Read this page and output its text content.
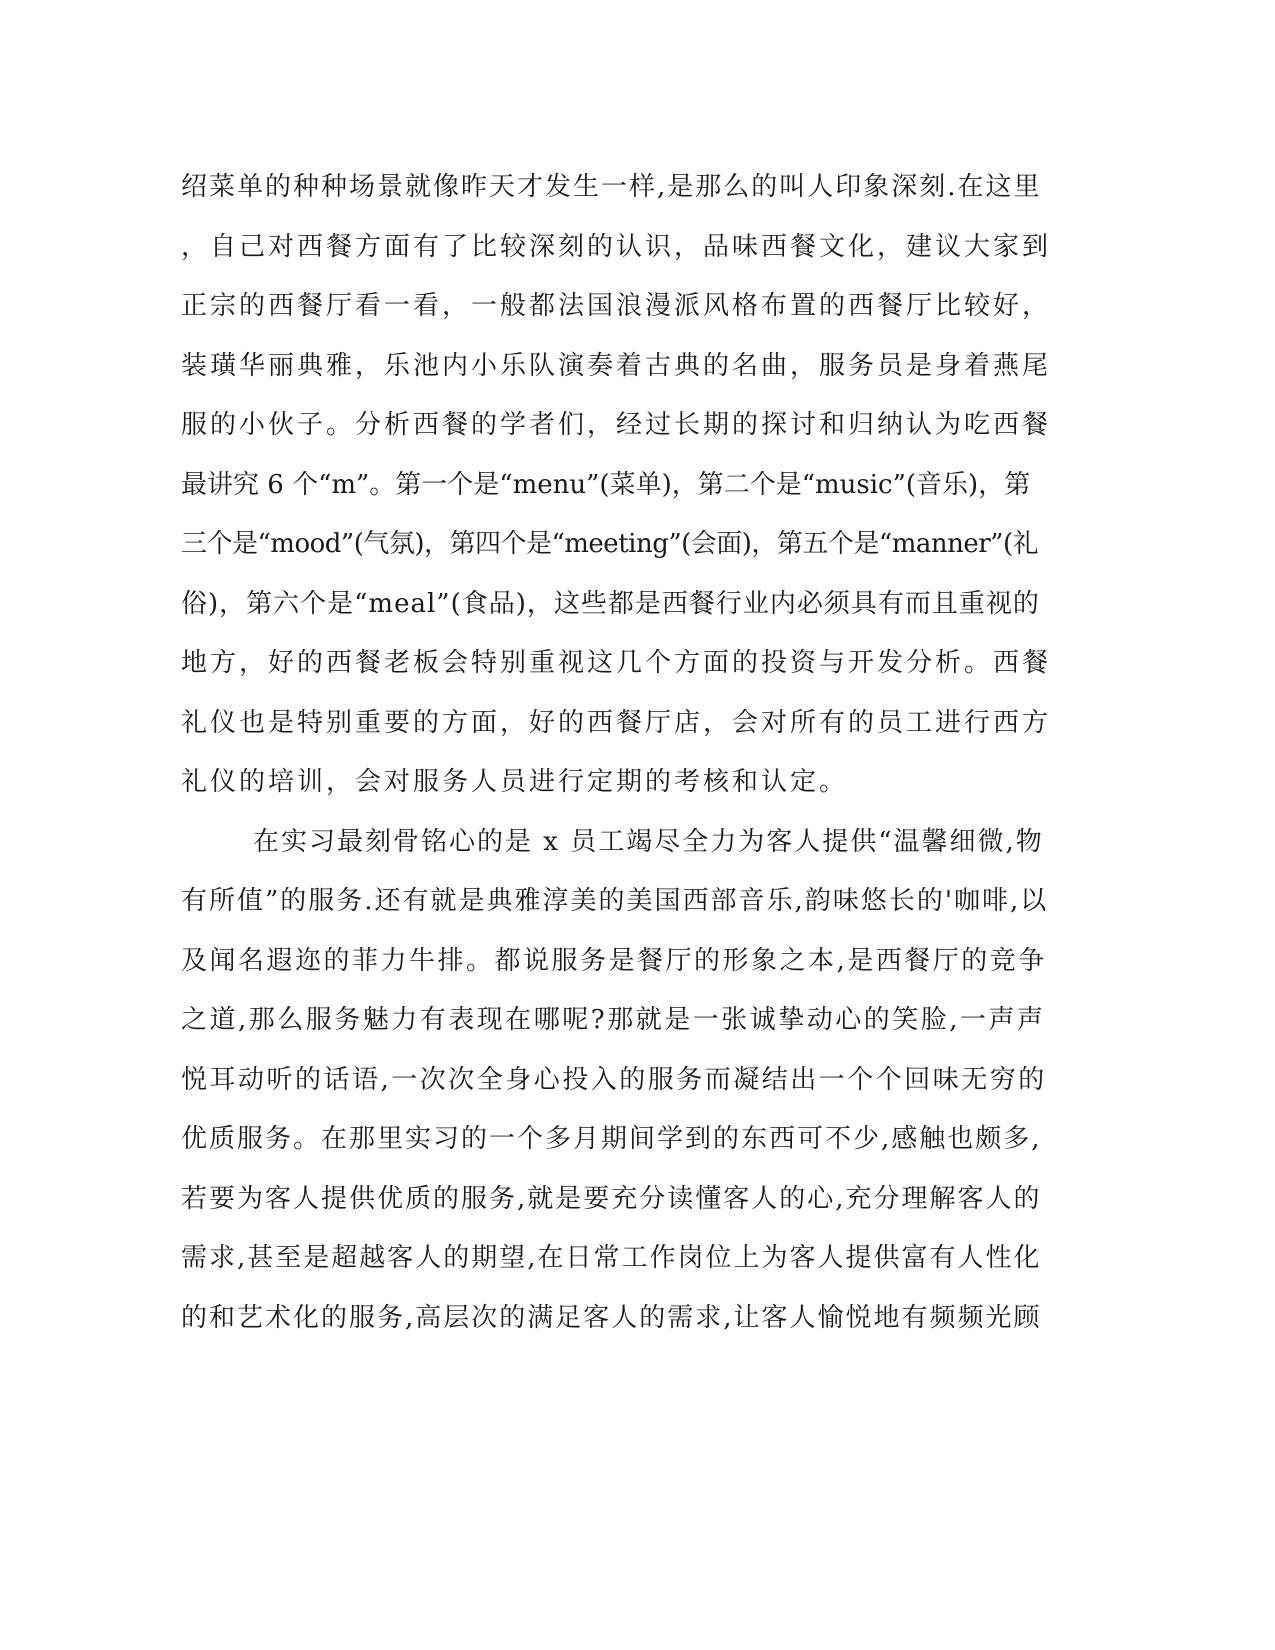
绍菜单的种种场景就像昨天才发生一样,是那么的叫人印象深刻.在这里
，自己对西餐方面有了比较深刻的认识，品味西餐文化，建议大家到
正宗的西餐厅看一看，一般都法国浪漫派风格布置的西餐厅比较好，
装璜华丽典雅，乐池内小乐队演奏着古典的名曲，服务员是身着燕尾
服的小伙子。分析西餐的学者们，经过长期的探讨和归纳认为吃西餐
最讲究 6 个“m”。第一个是“menu”(菜单)，第二个是“music”(音乐)，第
三个是“mood”(气氛)，第四个是“meeting”(会面)，第五个是“manner”(礼
俗)，第六个是“meal”(食品)，这些都是西餐行业内必须具有而且重视的
地方，好的西餐老板会特别重视这几个方面的投资与开发分析。西餐
礼仪也是特别重要的方面，好的西餐厅店，会对所有的员工进行西方
礼仪的培训，会对服务人员进行定期的考核和认定。
在实习最刻骨铭心的是 x 员工竭尽全力为客人提供“温馨细微,物
有所值”的服务.还有就是典雅淳美的美国西部音乐,韵味悠长的'咖啡,以
及闻名遐迩的菲力牛排。都说服务是餐厅的形象之本,是西餐厅的竞争
之道,那么服务魅力有表现在哪呢?那就是一张诚挚动心的笑脸,一声声
悦耳动听的话语,一次次全身心投入的服务而凝结出一个个回味无穷的
优质服务。在那里实习的一个多月期间学到的东西可不少,感触也颇多,
若要为客人提供优质的服务,就是要充分读懂客人的心,充分理解客人的
需求,甚至是超越客人的期望,在日常工作岗位上为客人提供富有人性化
的和艺术化的服务,高层次的满足客人的需求,让客人愉悦地有频频光顾
